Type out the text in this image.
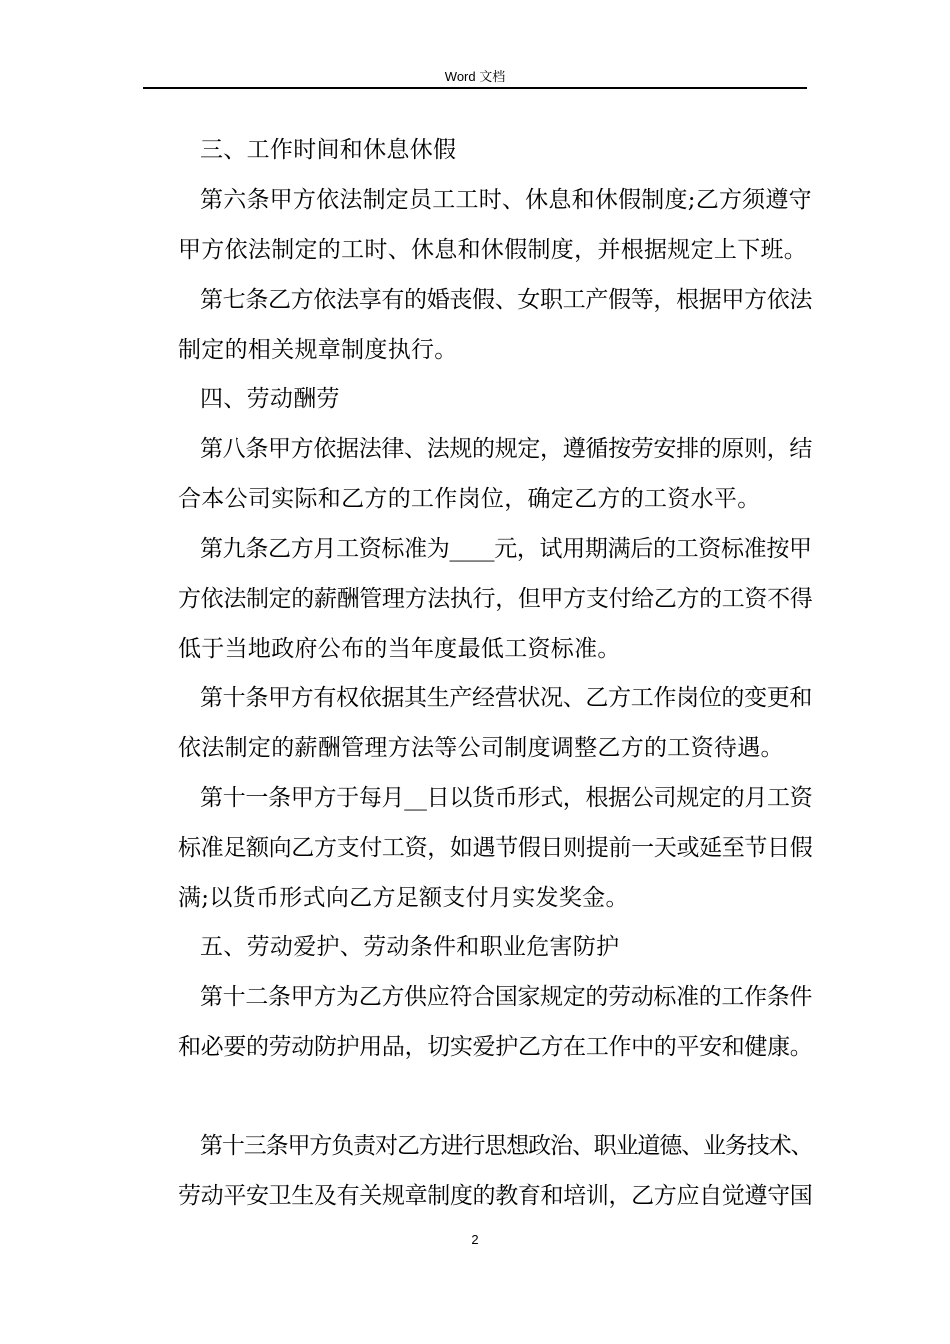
Word 文档
三、工作时间和休息休假
第六条甲方依法制定员工工时、休息和休假制度;乙方须遵守
甲方依法制定的工时、休息和休假制度，并根据规定上下班。
第七条乙方依法享有的婚丧假、女职工产假等，根据甲方依法
制定的相关规章制度执行。
四、劳动酬劳
第八条甲方依据法律、法规的规定，遵循按劳安排的原则，结
合本公司实际和乙方的工作岗位，确定乙方的工资水平。
第九条乙方月工资标准为____元，试用期满后的工资标准按甲
方依法制定的薪酬管理方法执行，但甲方支付给乙方的工资不得
低于当地政府公布的当年度最低工资标准。
第十条甲方有权依据其生产经营状况、乙方工作岗位的变更和
依法制定的薪酬管理方法等公司制度调整乙方的工资待遇。
第十一条甲方于每月__日以货币形式，根据公司规定的月工资
标准足额向乙方支付工资，如遇节假日则提前一天或延至节日假
满;以货币形式向乙方足额支付月实发奖金。
五、劳动爱护、劳动条件和职业危害防护
第十二条甲方为乙方供应符合国家规定的劳动标准的工作条件
和必要的劳动防护用品，切实爱护乙方在工作中的平安和健康。
第十三条甲方负责对乙方进行思想政治、职业道德、业务技术、
劳动平安卫生及有关规章制度的教育和培训，乙方应自觉遵守国
2
